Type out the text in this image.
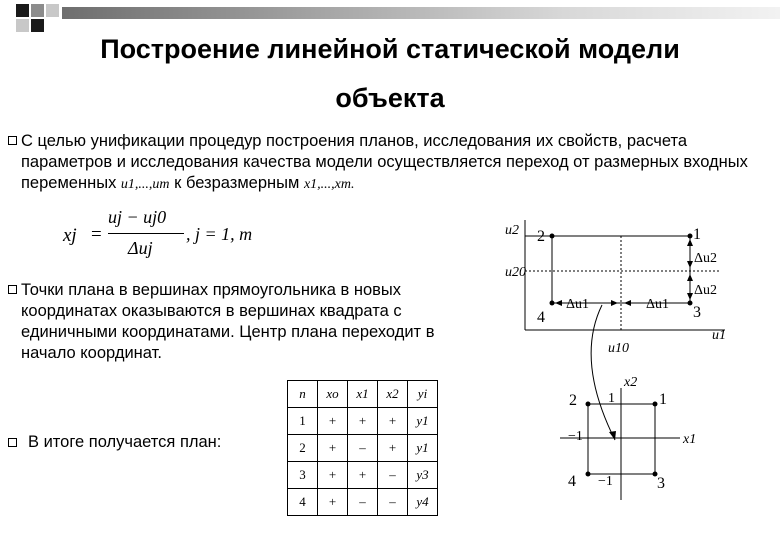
Построение линейной статической модели
объекта

С целью унификации процедур построения планов, исследования их свойств, расчета параметров и исследования качества модели осуществляется переход от размерных входных переменных u1,...,um к безразмерным x1,...,xm.

xj =
uj − uj0
Δuj
, j = 1, m

Точки плана в вершинах прямоугольника в новых координатах оказываются в вершинах квадрата с единичными координатами. Центр плана переходит в начало координат.

В итоге получается план:

n	xo	x1	x2	yi
1	+	+	+	y1
2	+	–	+	y1
3	+	+	–	y3
4	+	–	–	y4
u2
u20
u1
u10
Δu1	Δu1
Δu2
Δu2
1
2
3
4
x2
x1
1
−1
−1
1
2
3
4
